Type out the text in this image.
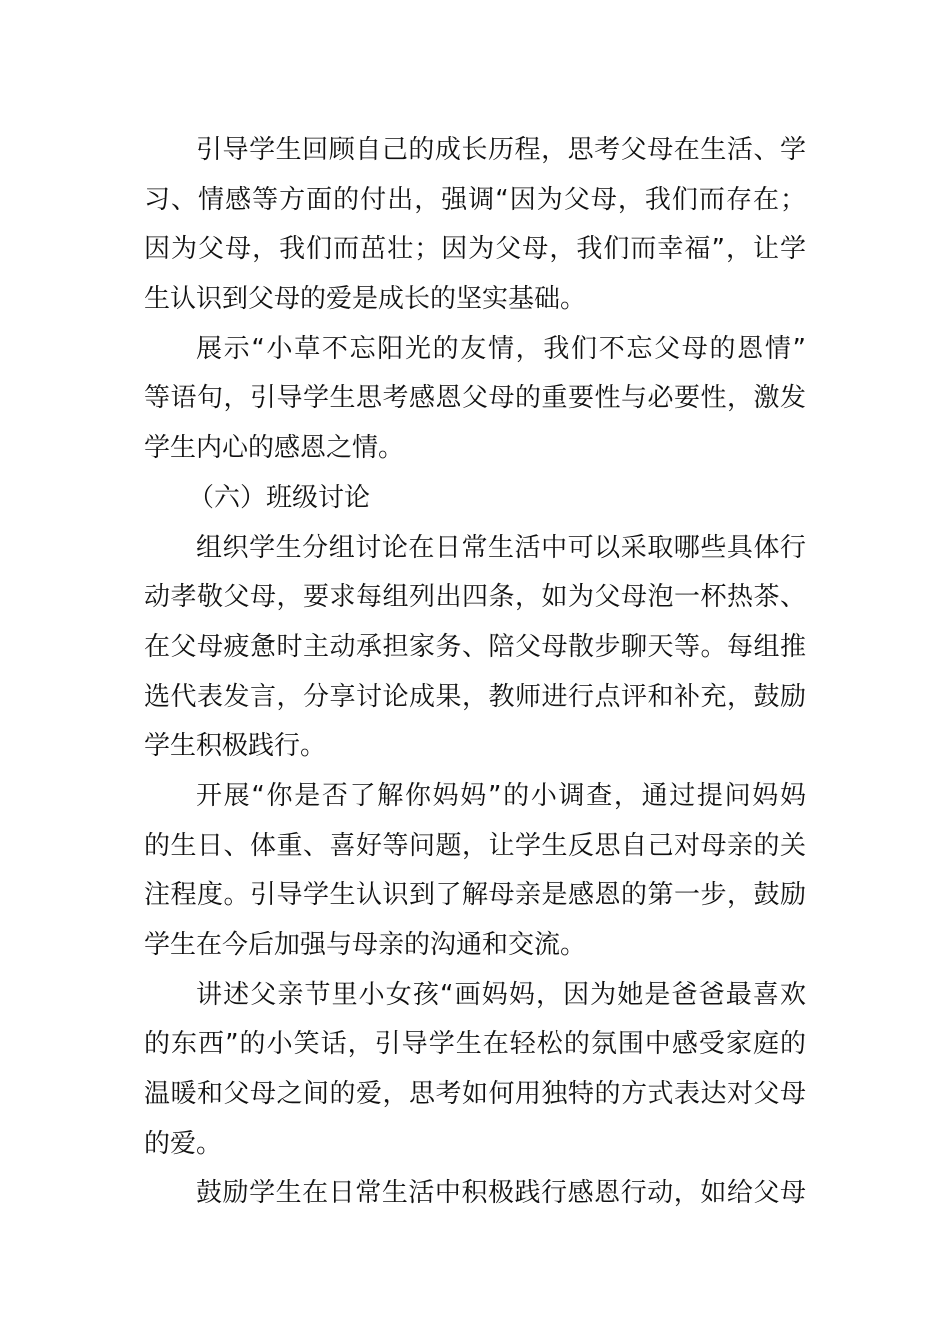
引导学生回顾自己的成长历程，思考父母在生活、学
习、情感等方面的付出，强调“因为父母，我们而存在；
因为父母，我们而茁壮；因为父母，我们而幸福”，让学
生认识到父母的爱是成长的坚实基础。
展示“小草不忘阳光的友情，我们不忘父母的恩情”
等语句，引导学生思考感恩父母的重要性与必要性，激发
学生内心的感恩之情。
（六）班级讨论
组织学生分组讨论在日常生活中可以采取哪些具体行
动孝敬父母，要求每组列出四条，如为父母泡一杯热茶、
在父母疲惫时主动承担家务、陪父母散步聊天等。每组推
选代表发言，分享讨论成果，教师进行点评和补充，鼓励
学生积极践行。
开展“你是否了解你妈妈”的小调查，通过提问妈妈
的生日、体重、喜好等问题，让学生反思自己对母亲的关
注程度。引导学生认识到了解母亲是感恩的第一步，鼓励
学生在今后加强与母亲的沟通和交流。
讲述父亲节里小女孩“画妈妈，因为她是爸爸最喜欢
的东西”的小笑话，引导学生在轻松的氛围中感受家庭的
温暖和父母之间的爱，思考如何用独特的方式表达对父母
的爱。
鼓励学生在日常生活中积极践行感恩行动，如给父母
